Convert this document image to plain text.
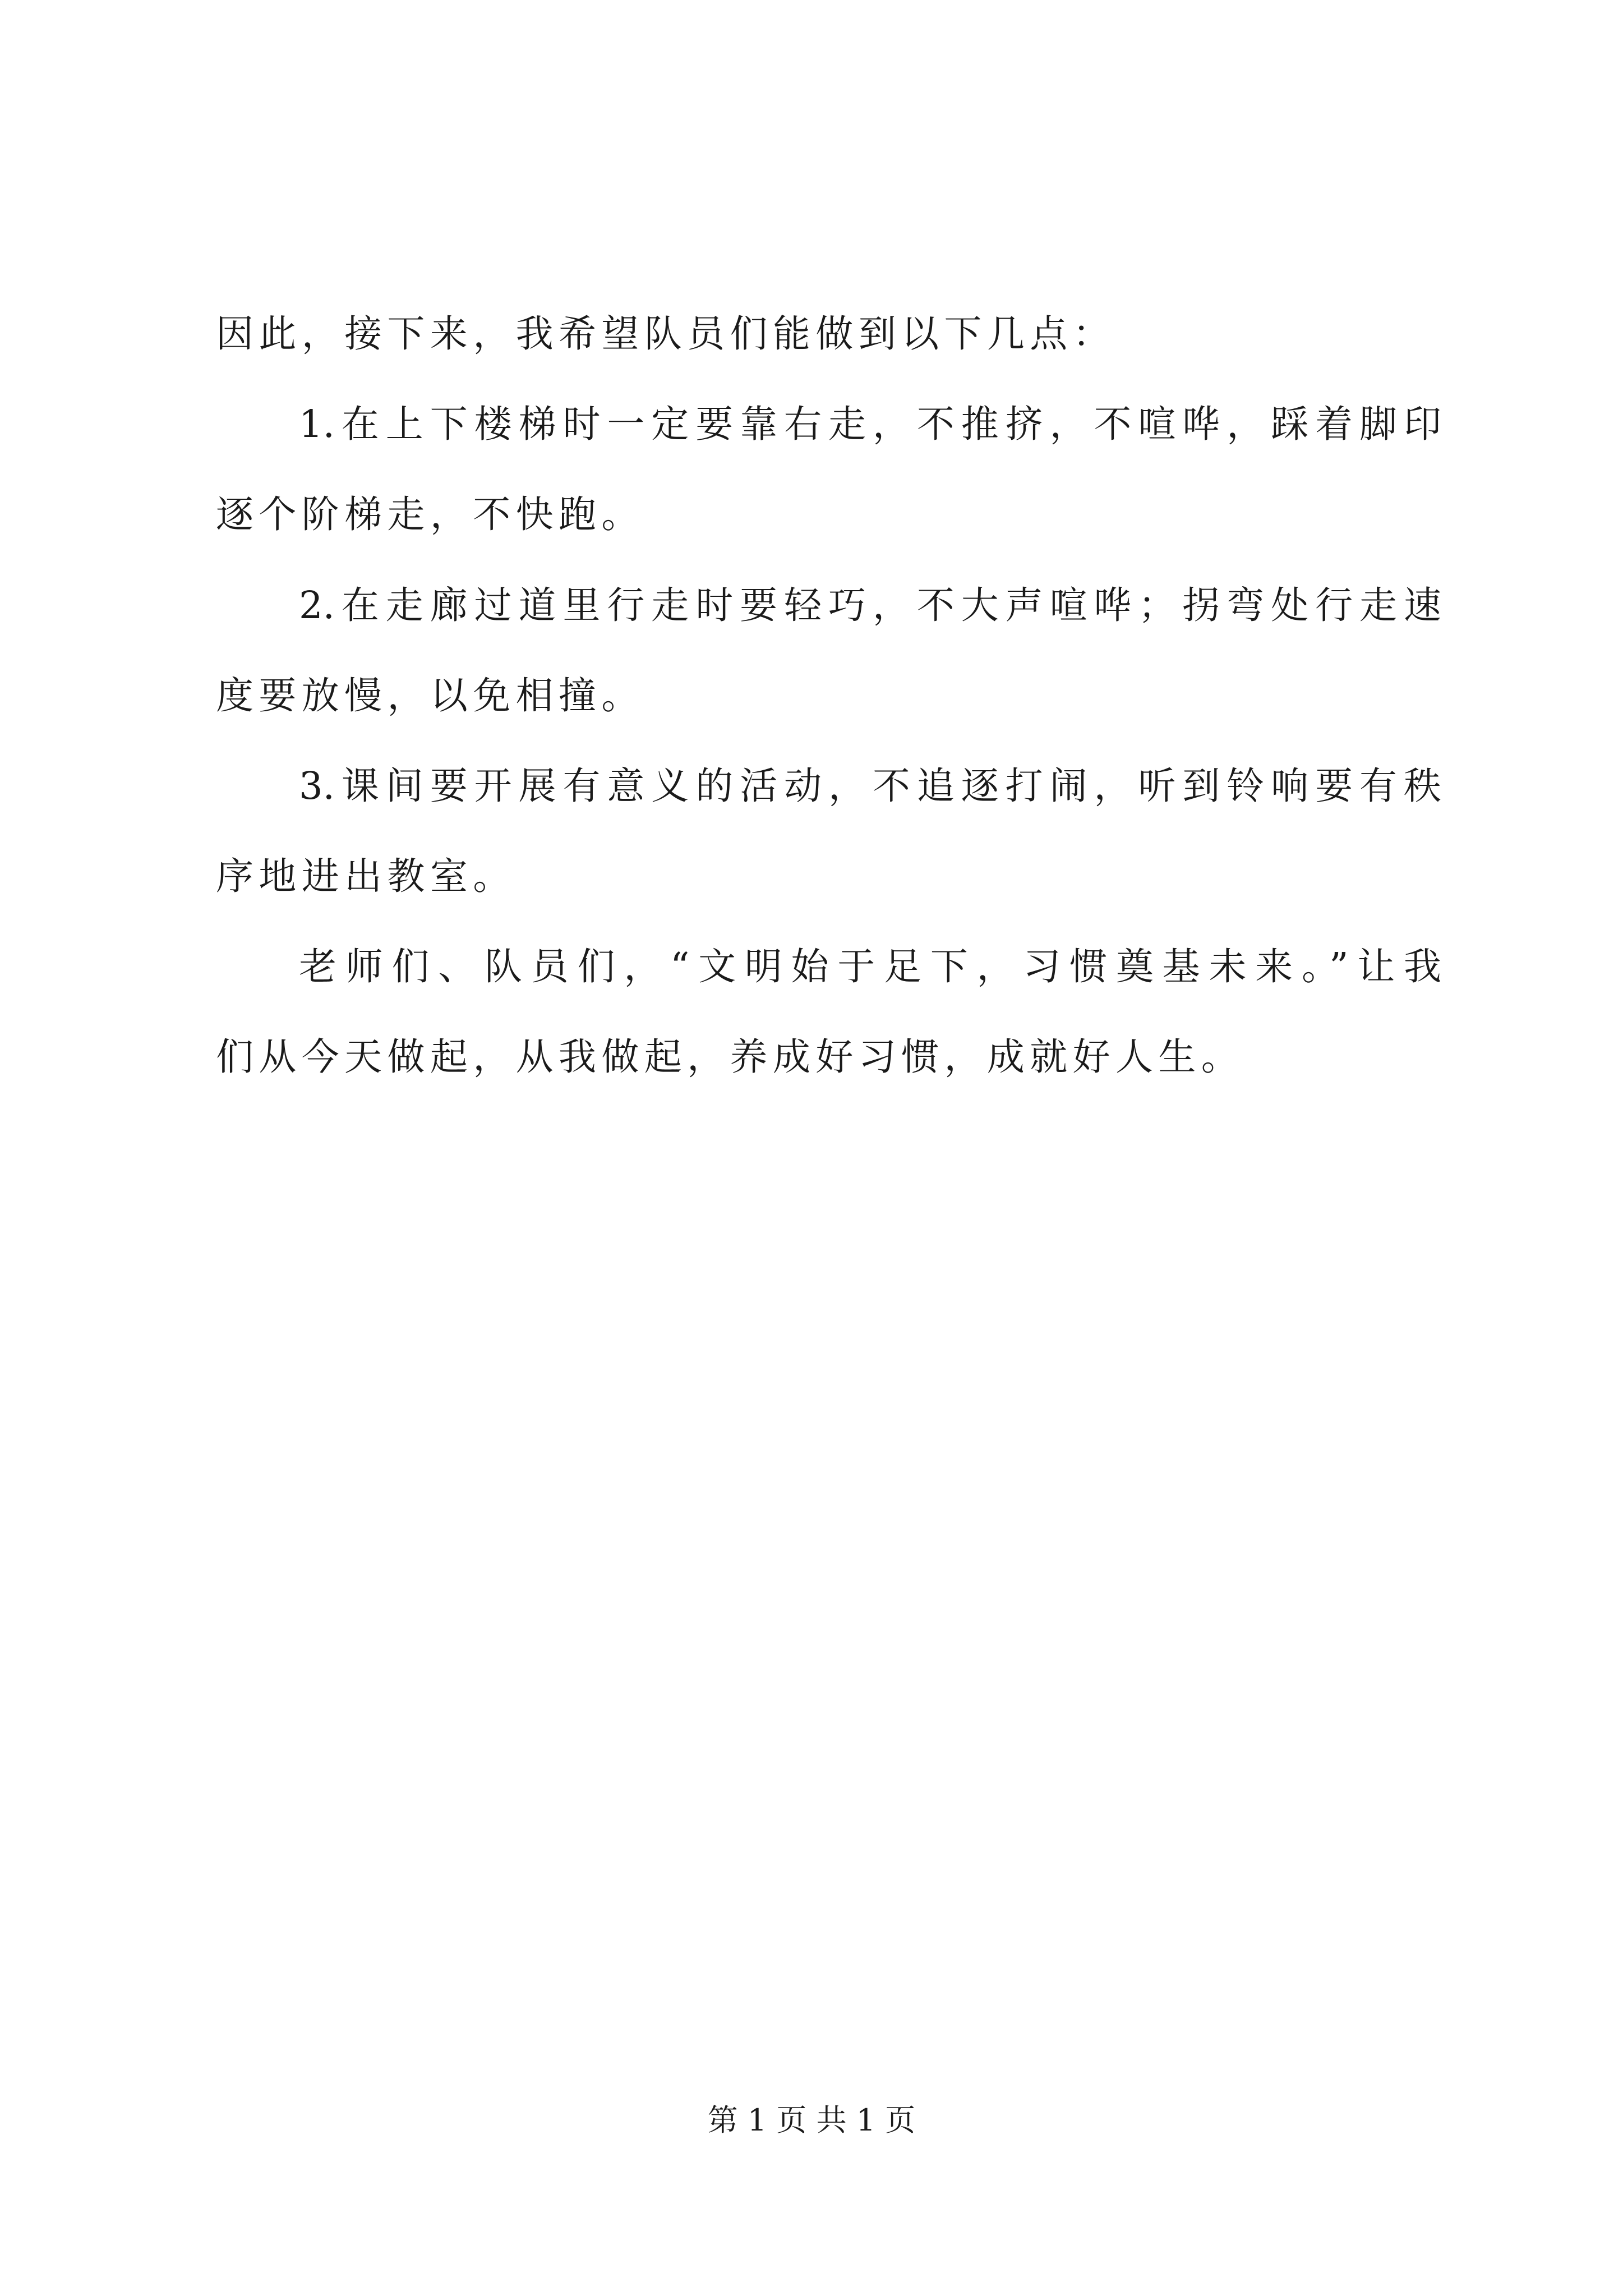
因此，接下来，我希望队员们能做到以下几点：
1.在上下楼梯时一定要靠右走，不推挤，不喧哗，踩着脚印
逐个阶梯走，不快跑。
2.在走廊过道里行走时要轻巧，不大声喧哗；拐弯处行走速
度要放慢，以免相撞。
3.课间要开展有意义的活动，不追逐打闹，听到铃响要有秩
序地进出教室。
老师们、队员们，“文明始于足下，习惯奠基未来。”让我
们从今天做起，从我做起，养成好习惯，成就好人生。
第 1 页 共 1 页
